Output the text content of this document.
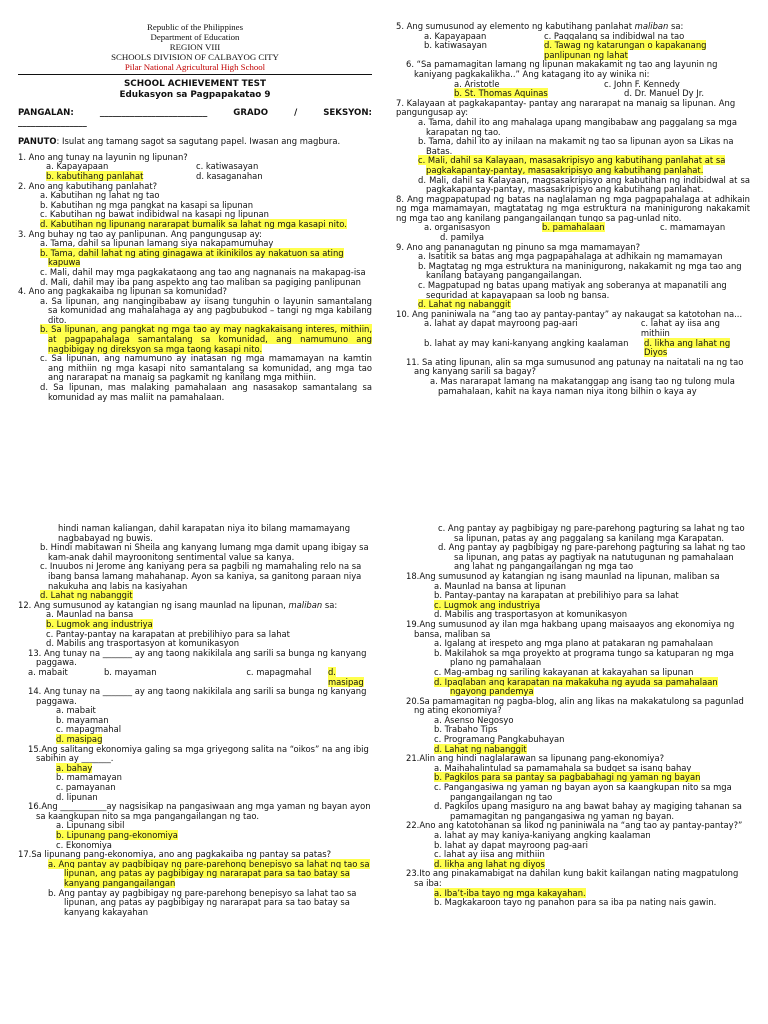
Republic of the Philippines

Department of Education

REGION VIII

SCHOOLS DIVISION OF CALBAYOG CITY

Pilar National Agricultural High School

SCHOOL ACHIEVEMENT TEST

Edukasyon sa Pagpapakatao 9

PANGALAN:	_________________________	GRADO	/	SEKSYON:

________________

PANUTO: Isulat ang tamang sagot sa sagutang papel. Iwasan ang magbura.

1. Ano ang tunay na layunin ng lipunan?

a. Kapayapaan	c. katiwasayan
b. kabutihang panlahat	d. kasaganahan

2. Ano ang kabutihang panlahat?

a. Kabutihan ng lahat ng tao

b. Kabutihan ng mga pangkat na kasapi sa lipunan

c. Kabutihan ng bawat indibidwal na kasapi ng lipunan

d. Kabutihan ng lipunang nararapat bumalik sa lahat ng mga kasapi nito.

3. Ang buhay ng tao ay panlipunan. Ang pangungusap ay:

a. Tama, dahil sa lipunan lamang siya nakapamumuhay

b. Tama, dahil lahat ng ating ginagawa at ikinikilos ay nakatuon sa ating kapuwa

c. Mali, dahil may mga pagkakataong ang tao ang nagnanais na makapag-isa

d. Mali, dahil may iba pang aspekto ang tao maliban sa pagiging panlipunan

4. Ano ang pagkakaiba ng lipunan sa komunidad?

a. Sa lipunan, ang nangingibabaw ay iisang tunguhin o layunin samantalang sa komunidad ang mahalahaga ay ang pagbubukod – tangi ng mga kabilang dito.

b. Sa lipunan, ang pangkat ng mga tao ay may nagkakaisang interes, mithiin, at pagpapahalaga samantalang sa komunidad, ang namumuno ang nagbibigay ng direksyon sa mga taong kasapi nito.

c. Sa lipunan, ang namumuno ay inatasan ng mga mamamayan na kamtin ang mithiin ng mga kasapi nito samantalang sa komunidad, ang mga tao ang nararapat na manaig sa pagkamit ng kanilang mga mithiin.

d. Sa lipunan, mas malaking pamahalaan ang nasasakop samantalang sa komunidad ay mas maliit na pamahalaan.

5. Ang sumusunod ay elemento ng kabutihang panlahat maliban sa:

a. Kapayapaan	c. Paggalang sa indibidwal na tao
b. katiwasayan	d. Tawag ng katarungan o kapakanang panlipunan ng lahat

6. “Sa pamamagitan lamang ng lipunan makakamit ng tao ang layunin ng kaniyang pagkakalikha..” Ang katagang ito ay winika ni:

a. Aristotle	c. John F. Kennedy
b. St. Thomas Aquinas	d. Dr. Manuel Dy Jr.

7. Kalayaan at pagkakapantay- pantay ang nararapat na manaig sa lipunan. Ang pangungusap ay:

a. Tama, dahil ito ang mahalaga upang mangibabaw ang paggalang sa mga karapatan ng tao.

b. Tama, dahil ito ay inilaan na makamit ng tao sa lipunan ayon sa Likas na Batas.

c. Mali, dahil sa Kalayaan, masasakripisyo ang kabutihang panlahat at sa pagkakapantay-pantay, masasakripisyo ang kabutihang panlahat.

d. Mali, dahil sa Kalayaan, magsasakripisyo ang kabutihan ng indibidwal at sa pagkakapantay-pantay, masasakripisyo ang kabutihang panlahat.

8. Ang magpapatupad ng batas na naglalaman ng mga pagpapahalaga at adhikain ng mga mamamayan, magtatatag ng mga estruktura na maninigurong nakakamit ng mga tao ang kanilang pangangailangan tungo sa pag-unlad nito.

a. organisasyon	b. pamahalaan	c. mamamayan

d. pamilya

9. Ano ang pananagutan ng pinuno sa mga mamamayan?

a. Isatitik sa batas ang mga pagpapahalaga at adhikain ng mamamayan

b. Magtatag ng mga estruktura na maninigurong, nakakamit ng mga tao ang kanilang batayang pangangailangan.

c. Magpatupad ng batas upang matiyak ang soberanya at mapanatili ang seguridad at kapayapaan sa loob ng bansa.

d. Lahat ng nabanggit

10. Ang paniniwala na “ang tao ay pantay-pantay” ay nakaugat sa katotohan na...

a. lahat ay dapat mayroong pag-aari	c. lahat ay iisa ang mithiin
b. lahat ay may kani-kanyang angking kaalaman	d. likha ang lahat ng Diyos

11. Sa ating lipunan, alin sa mga sumusunod ang patunay na naitatali na ng tao ang kanyang sarili sa bagay?

a. Mas nararapat lamang na makatanggap ang isang tao ng tulong mula pamahalaan, kahit na kaya naman niya itong bilhin o kaya ay

hindi naman kaliangan, dahil karapatan niya ito bilang mamamayang

nagbabayad ng buwis.

b. Hindi mabitawan ni Sheila ang kanyang lumang mga damit upang ibigay sa kam-anak dahil mayroonitong sentimental value sa kanya.

c. Inuubos ni Jerome ang kaniyang pera sa pagbili ng mamahaling relo na sa ibang bansa lamang mahahanap. Ayon sa kaniya, sa ganitong paraan niya nakukuha ang labis na kasiyahan

d. Lahat ng nabanggit

12. Ang sumusunod ay katangian ng isang maunlad na lipunan, maliban sa:

a. Maunlad na bansa

b. Lugmok ang industriya

c. Pantay-pantay na karapatan at prebilihiyo para sa lahat

d. Mabilis ang trasportasyon at komunikasyon

13. Ang tunay na _______ ay ang taong nakikilala ang sarili sa bunga ng kanyang paggawa.

a. mabait	b. mayaman	c. mapagmahal	d. masipag

14. Ang tunay na _______ ay ang taong nakikilala ang sarili sa bunga ng kanyang paggawa.

a. mabait

b. mayaman

c. mapagmahal

d. masipag

15.Ang salitang ekonomiya galing sa mga griyegong salita na “oikos” na ang ibig sabihin ay _______.

a. bahay

b. mamamayan

c. pamayanan

d. lipunan

16.Ang ___________ay nagsisikap na pangasiwaan ang mga yaman ng bayan ayon sa kaangkupan nito sa mga pangangailangan ng tao.

a. Lipunang sibil

b. Lipunang pang-ekonomiya

c. Ekonomiya

17.Sa lipunang pang-ekonomiya, ano ang pagkakaiba ng pantay sa patas?

a. Ang pantay ay pagbibigay ng pare-parehong benepisyo sa lahat ng tao sa lipunan, ang patas ay pagbibigay ng nararapat para sa tao batay sa kanyang pangangailangan

b. Ang pantay ay pagbibigay ng pare-parehong benepisyo sa lahat tao sa lipunan, ang patas ay pagbibigay ng nararapat para sa tao batay sa kanyang kakayahan

c. Ang pantay ay pagbibigay ng pare-parehong pagturing sa lahat ng tao sa lipunan, patas ay ang paggalang sa kanilang mga Karapatan.

d. Ang pantay ay pagbibigay ng pare-parehong pagturing sa lahat ng tao sa lipunan, ang patas ay pagtiyak na natutugunan ng pamahalaan ang lahat ng pangangailangan ng mga tao

18.Ang sumusunod ay katangian ng isang maunlad na lipunan, maliban sa

a. Maunlad na bansa at lipunan

b. Pantay-pantay na karapatan at prebilihiyo para sa lahat

c. Lugmok ang industriya

d. Mabilis ang trasportasyon at komunikasyon

19.Ang sumusunod ay ilan mga hakbang upang maisaayos ang ekonomiya ng bansa, maliban sa

a. Igalang at irespeto ang mga plano at patakaran ng pamahalaan

b. Makilahok sa mga proyekto at programa tungo sa katuparan ng mga plano ng pamahalaan

c. Mag-ambag ng sariling kakayanan at kakayahan sa lipunan

d. Ipaglaban ang karapatan na makakuha ng ayuda sa pamahalaan ngayong pandemya

20.Sa pamamagitan ng pagba-blog, alin ang likas na makakatulong sa pagunlad ng ating ekonomiya?

a. Asenso Negosyo

b. Trabaho Tips

c. Programang Pangkabuhayan

d. Lahat ng nabanggit

21.Alin ang hindi naglalarawan sa lipunang pang-ekonomiya?

a. Maihahalintulad sa pamamahala sa budget sa isang bahay

b. Pagkilos para sa pantay sa pagbabahagi ng yaman ng bayan

c. Pangangasiwa ng yaman ng bayan ayon sa kaangkupan nito sa mga pangangailangan ng tao

d. Pagkilos upang masiguro na ang bawat bahay ay magiging tahanan sa pamamagitan ng pangangasiwa ng yaman ng bayan.

22.Ano ang katotohanan sa likod ng paniniwala na “ang tao ay pantay-pantay?”

a. lahat ay may kaniya-kaniyang angking kaalaman

b. lahat ay dapat mayroong pag-aari

c. lahat ay iisa ang mithiin

d. likha ang lahat ng diyos

23.Ito ang pinakamabigat na dahilan kung bakit kailangan nating magpatulong sa iba:

a. Iba’t-iba tayo ng mga kakayahan.

b. Magkakaroon tayo ng panahon para sa iba pa nating nais gawin.
